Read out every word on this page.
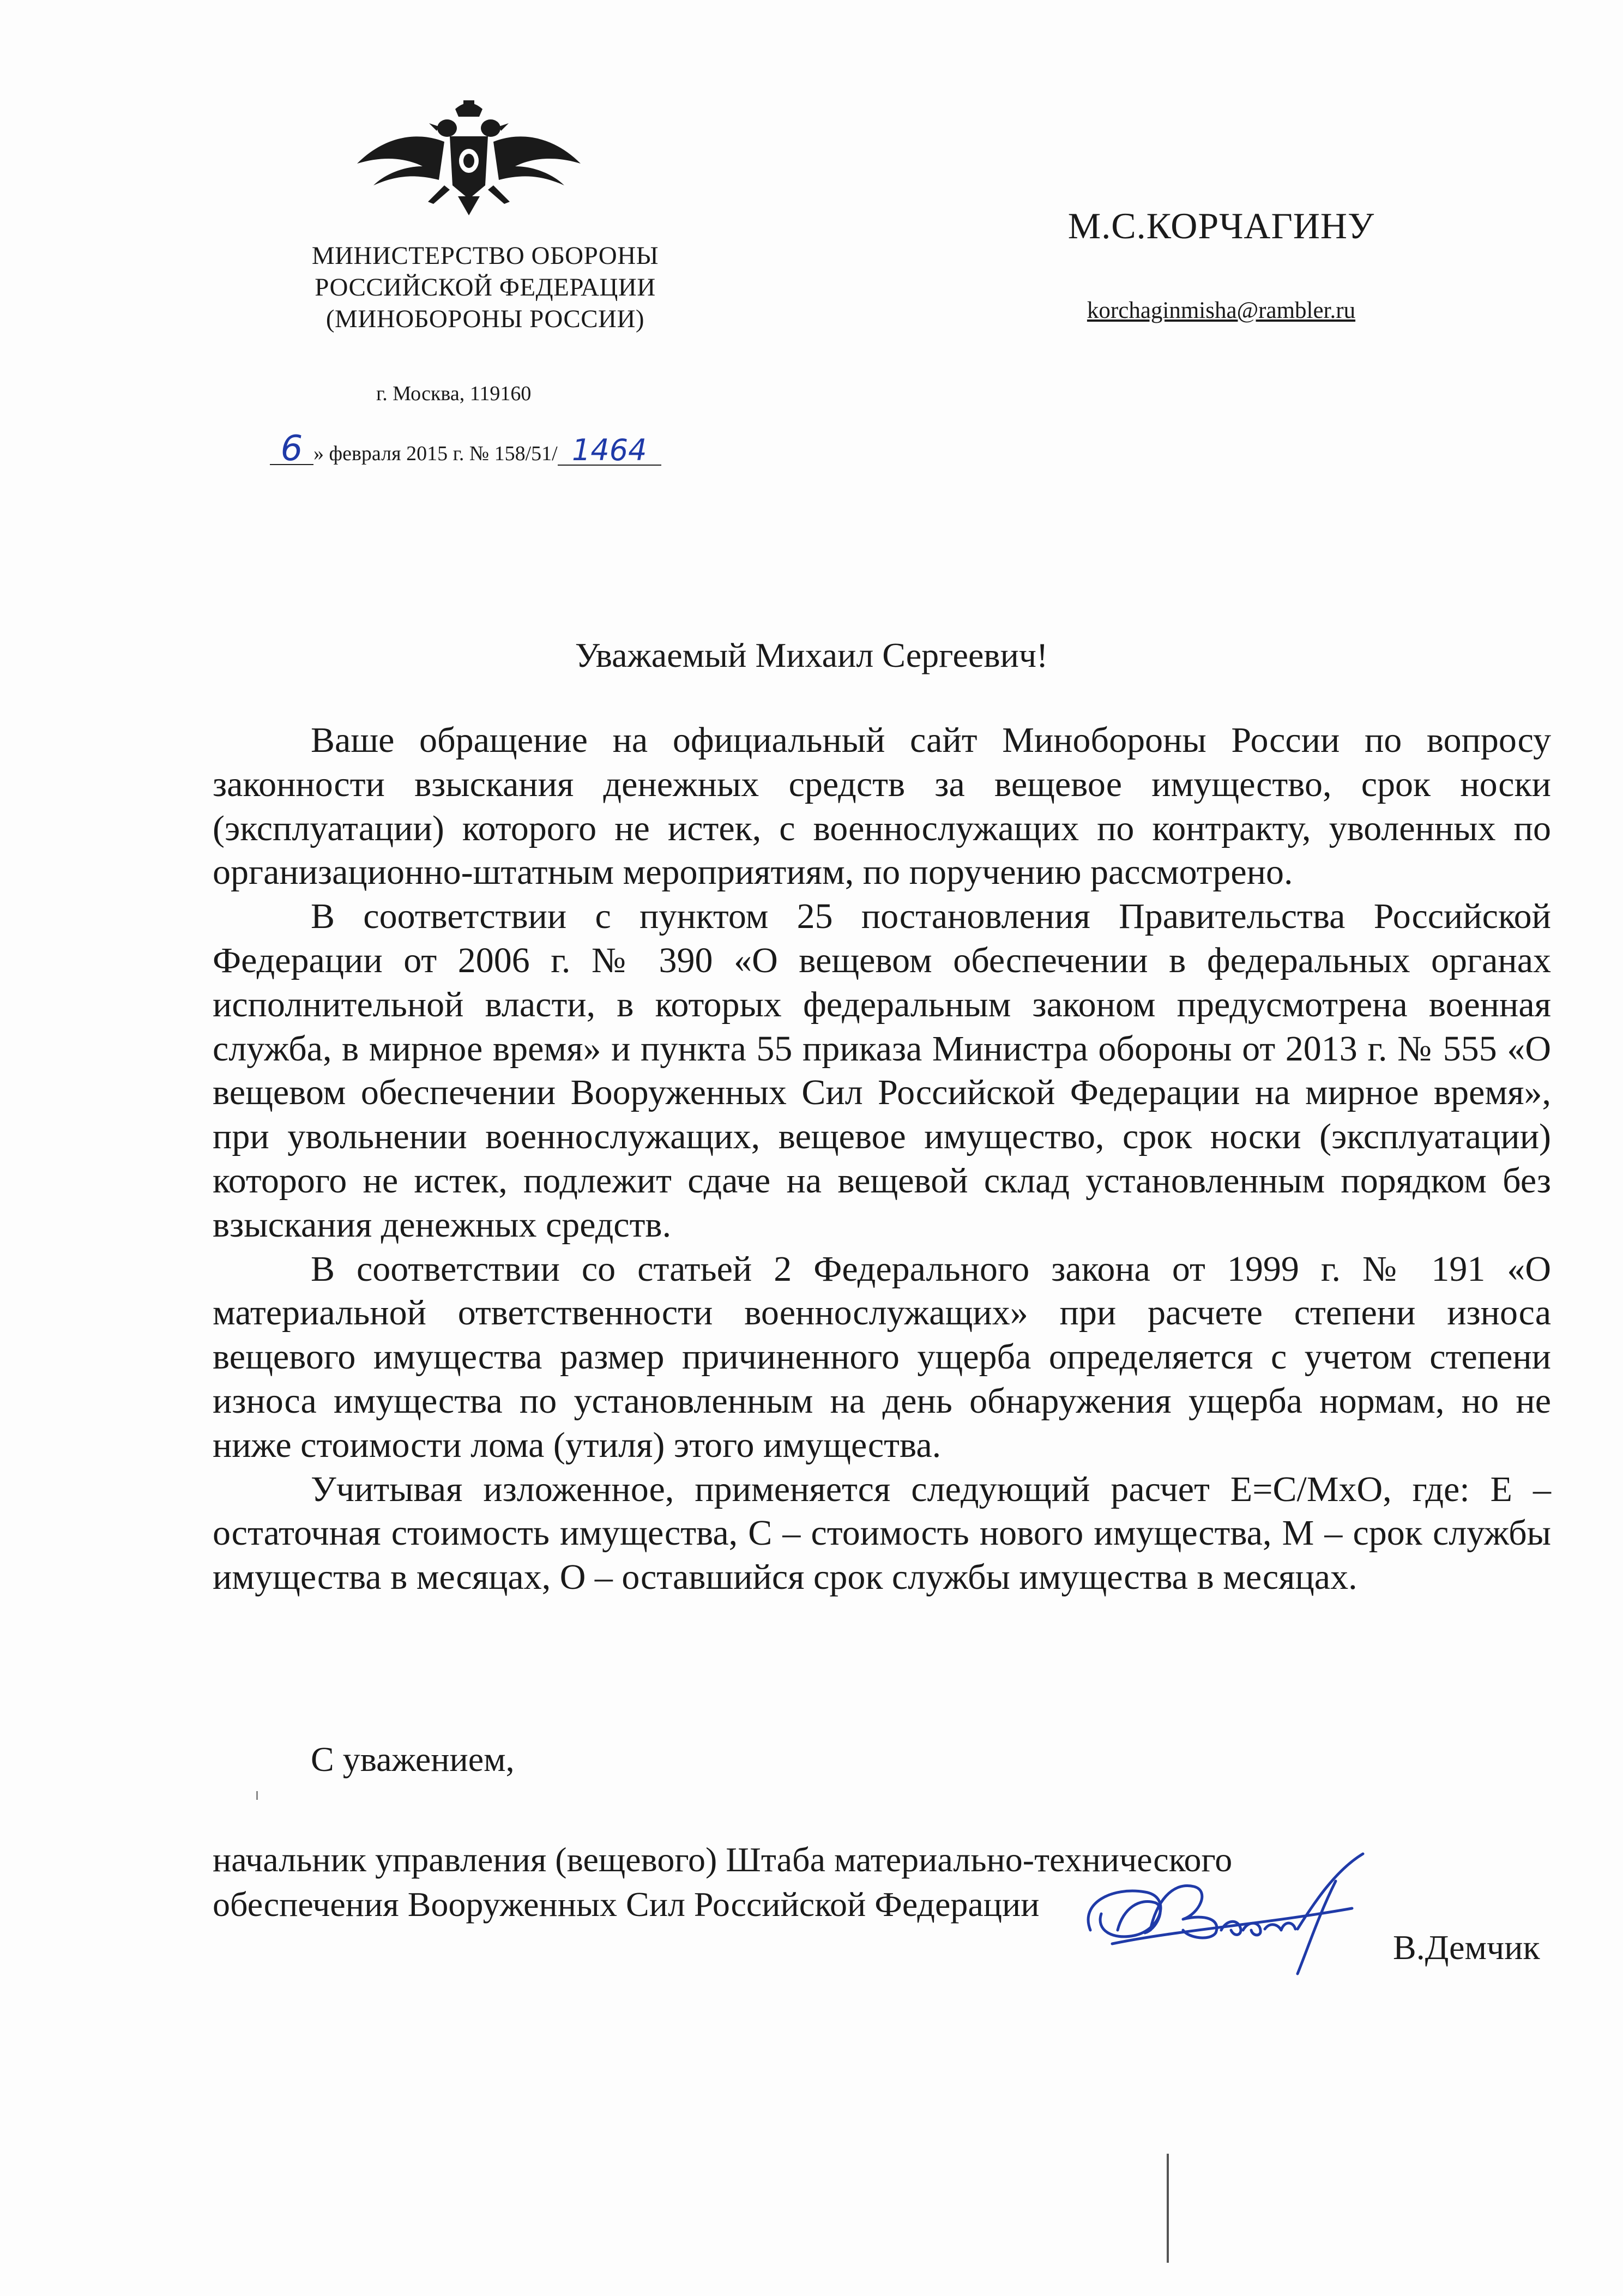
МИНИСТЕРСТВО ОБОРОНЫ
РОССИЙСКОЙ ФЕДЕРАЦИИ
(МИНОБОРОНЫ РОССИИ)
М.С.КОРЧАГИНУ
korchaginmisha@rambler.ru
г. Москва, 119160
6 » февраля 2015 г. № 158/51/ 1464
Уважаемый Михаил Сергеевич!

Ваше обращение на официальный сайт Минобороны России по вопросу законности взыскания денежных средств за вещевое имущество, срок носки (эксплуатации) которого не истек, с военнослужащих по контракту, уволенных по организационно-штатным мероприятиям, по поручению рассмотрено.

В соответствии с пунктом 25 постановления Правительства Российской Федерации от 2006 г. № 390 «О вещевом обеспечении в федеральных органах исполнительной власти, в которых федеральным законом предусмотрена военная служба, в мирное время» и пункта 55 приказа Министра обороны от 2013 г. № 555 «О вещевом обеспечении Вооруженных Сил Российской Федерации на мирное время», при увольнении военнослужащих, вещевое имущество, срок носки (эксплуатации) которого не истек, подлежит сдаче на вещевой склад установленным порядком без взыскания денежных средств.

В соответствии со статьей 2 Федерального закона от 1999 г. № 191 «О материальной ответственности военнослужащих» при расчете степени износа вещевого имущества размер причиненного ущерба определяется с учетом степени износа имущества по установленным на день обнаружения ущерба нормам, но не ниже стоимости лома (утиля) этого имущества.

Учитывая изложенное, применяется следующий расчет Е=С/МхО, где: Е – остаточная стоимость имущества, С – стоимость нового имущества, М – срок службы имущества в месяцах, О – оставшийся срок службы имущества в месяцах.

С уважением,
начальник управления (вещевого) Штаба материально-технического
обеспечения Вооруженных Сил Российской Федерации
В.Демчик
